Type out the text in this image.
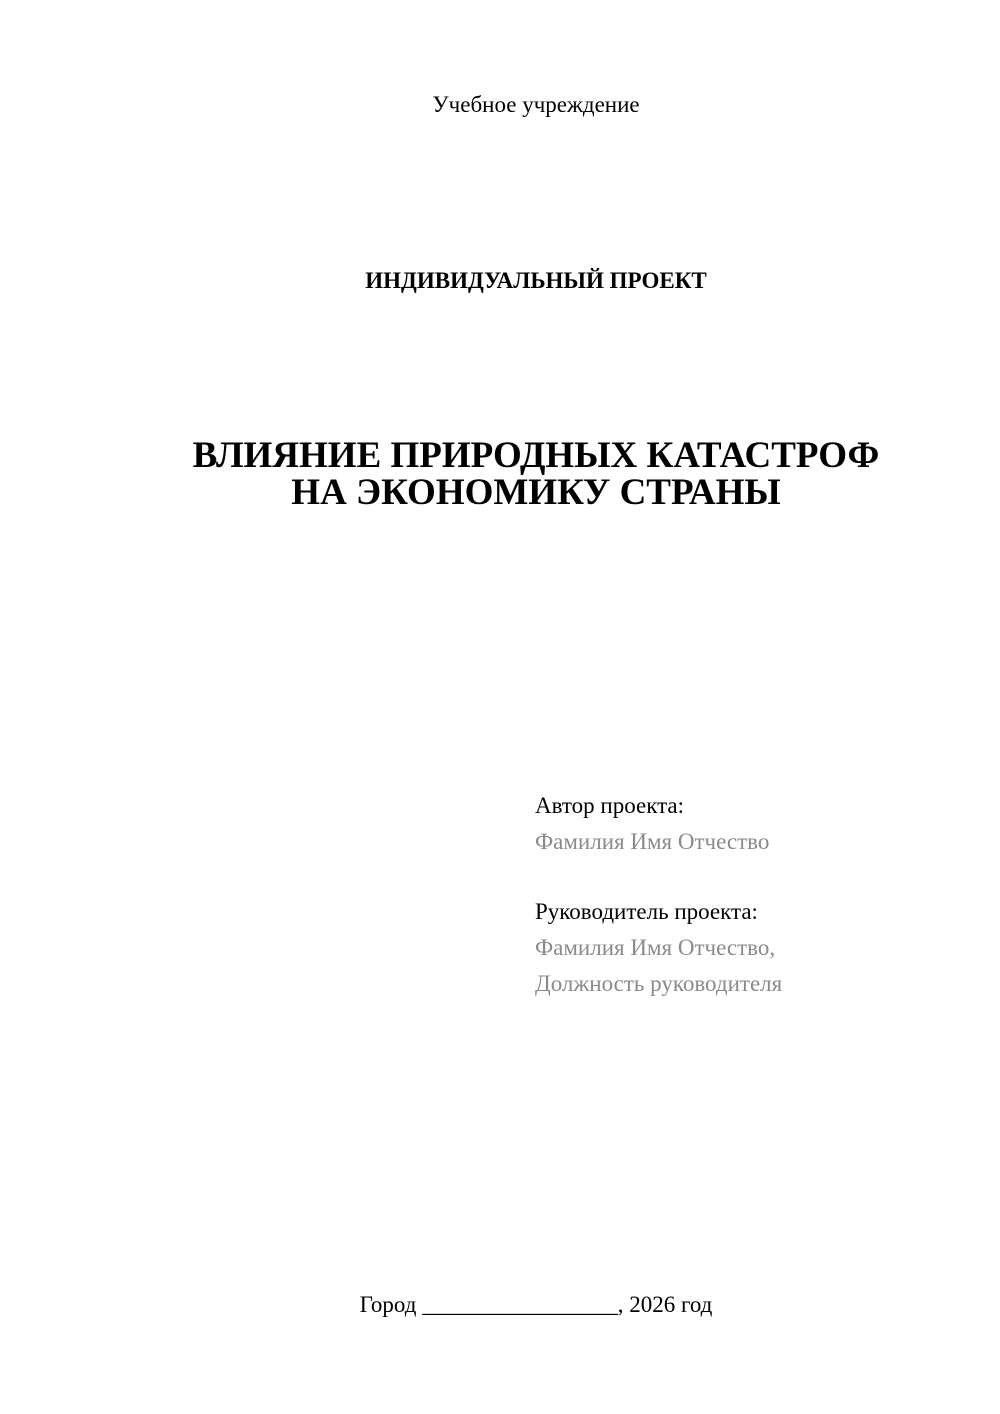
Учебное учреждение
ИНДИВИДУАЛЬНЫЙ ПРОЕКТ
ВЛИЯНИЕ ПРИРОДНЫХ КАТАСТРОФ
НА ЭКОНОМИКУ СТРАНЫ
Автор проекта:
Фамилия Имя Отчество
Руководитель проекта:
Фамилия Имя Отчество,
Должность руководителя
Город _________________, 2026 год
